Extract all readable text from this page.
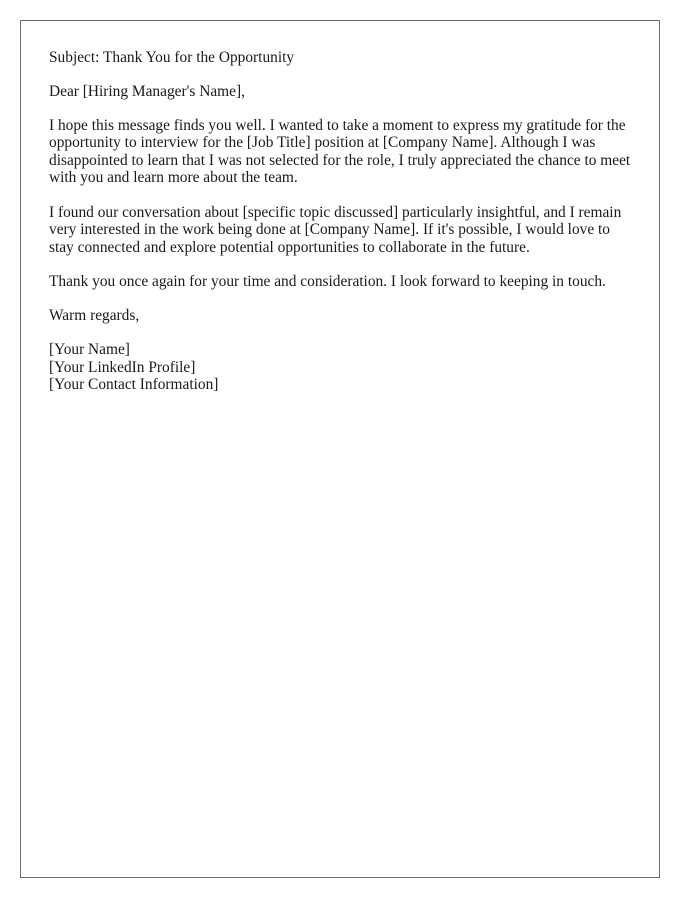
Subject: Thank You for the Opportunity

Dear [Hiring Manager's Name],

I hope this message finds you well. I wanted to take a moment to express my gratitude for the opportunity to interview for the [Job Title] position at [Company Name]. Although I was disappointed to learn that I was not selected for the role, I truly appreciated the chance to meet with you and learn more about the team.

I found our conversation about [specific topic discussed] particularly insightful, and I remain very interested in the work being done at [Company Name]. If it's possible, I would love to stay connected and explore potential opportunities to collaborate in the future.

Thank you once again for your time and consideration. I look forward to keeping in touch.

Warm regards,

[Your Name]
[Your LinkedIn Profile]
[Your Contact Information]
